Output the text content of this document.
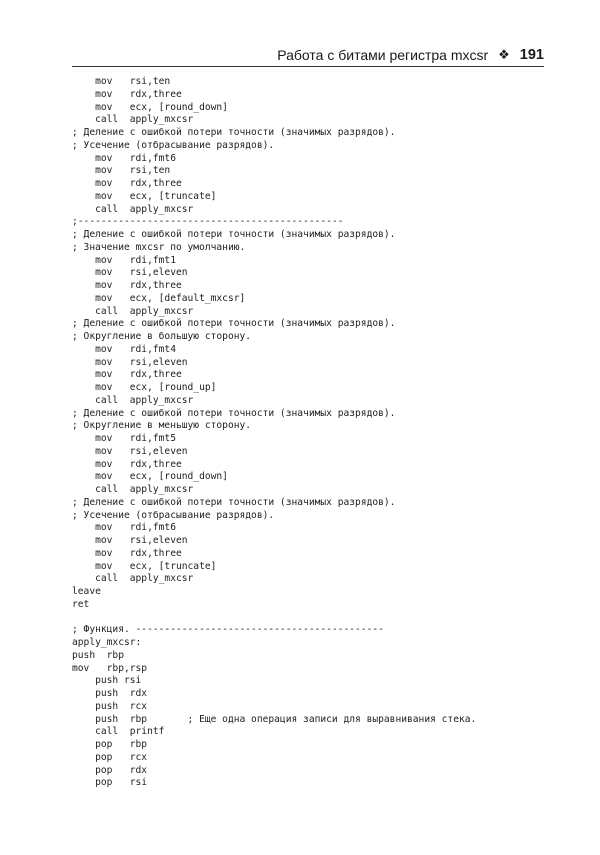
Работа с битами регистра mxcsr ❖ 191
mov   rsi,ten
mov   rdx,three
mov   ecx, [round_down]
call  apply_mxcsr
; Деление с ошибкой потери точности (значимых разрядов).
; Усечение (отбрасывание разрядов).
mov   rdi,fmt6
mov   rsi,ten
mov   rdx,three
mov   ecx, [truncate]
call  apply_mxcsr
;----------------------------------------------
; Деление с ошибкой потери точности (значимых разрядов).
; Значение mxcsr по умолчанию.
mov   rdi,fmt1
mov   rsi,eleven
mov   rdx,three
mov   ecx, [default_mxcsr]
call  apply_mxcsr
; Деление с ошибкой потери точности (значимых разрядов).
; Округление в большую сторону.
mov   rdi,fmt4
mov   rsi,eleven
mov   rdx,three
mov   ecx, [round_up]
call  apply_mxcsr
; Деление с ошибкой потери точности (значимых разрядов).
; Округление в меньшую сторону.
mov   rdi,fmt5
mov   rsi,eleven
mov   rdx,three
mov   ecx, [round_down]
call  apply_mxcsr
; Деление с ошибкой потери точности (значимых разрядов).
; Усечение (отбрасывание разрядов).
mov   rdi,fmt6
mov   rsi,eleven
mov   rdx,three
mov   ecx, [truncate]
call  apply_mxcsr
leave
ret
; Функция. -------------------------------------------
apply_mxcsr:
push  rbp
mov   rbp,rsp
push rsi
push  rdx
push  rcx
push  rbp       ; Еще одна операция записи для выравнивания стека.
call  printf
pop   rbp
pop   rcx
pop   rdx
pop   rsi
